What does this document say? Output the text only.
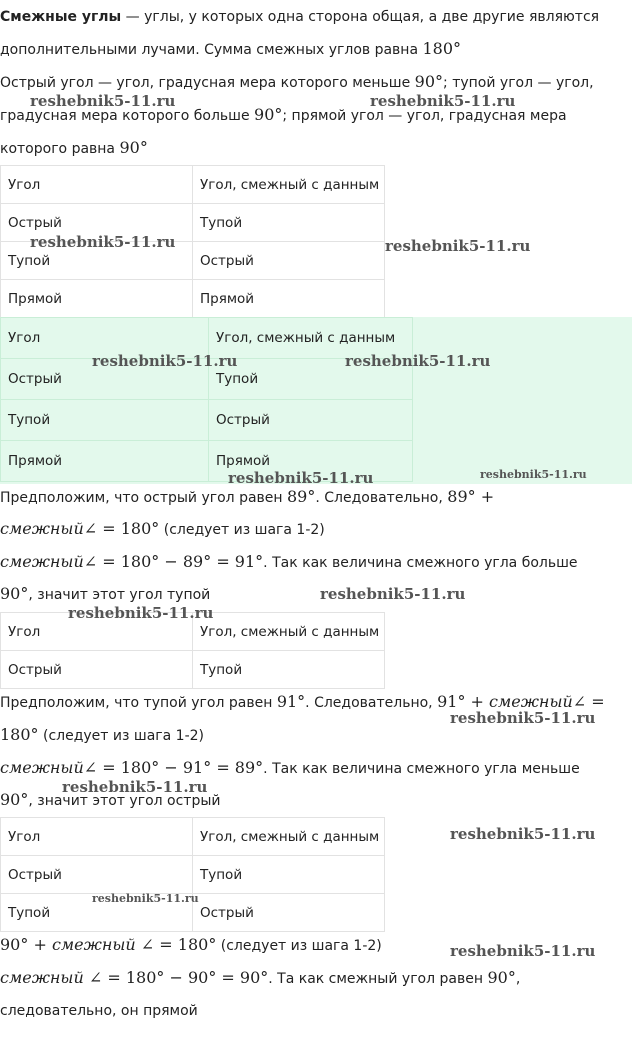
Смежные углы — углы, у которых одна сторона общая, а две другие являются
дополнительными лучами. Сумма смежных углов равна 180°
Острый угол — угол, градусная мера которого меньше 90°; тупой угол — угол,
градусная мера которого больше 90°; прямой угол — угол, градусная мера
которого равна 90°
Угол	Угол, смежный с данным
Острый	Тупой
Тупой	Острый
Прямой	Прямой
Угол	Угол, смежный с данным
Острый	Тупой
Тупой	Острый
Прямой	Прямой
Предположим, что острый угол равен 89°. Следовательно, 89° +
смежный∠ = 180° (следует из шага 1-2)
смежный∠ = 180° − 89° = 91°. Так как величина смежного угла больше
90°, значит этот угол тупой
Угол	Угол, смежный с данным
Острый	Тупой
Предположим, что тупой угол равен 91°. Следовательно, 91° + смежный∠ =
180° (следует из шага 1-2)
смежный∠ = 180° − 91° = 89°. Так как величина смежного угла меньше
90°, значит этот угол острый
Угол	Угол, смежный с данным
Острый	Тупой
Тупой	Острый
90° + смежный ∠ = 180° (следует из шага 1-2)
смежный ∠ = 180° − 90° = 90°. Та как смежный угол равен 90°,
следовательно, он прямой
reshebnik5-11.ru	reshebnik5-11.ru
reshebnik5-11.ru	reshebnik5-11.ru
reshebnik5-11.ru	reshebnik5-11.ru
reshebnik5-11.ru	reshebnik5-11.ru
reshebnik5-11.ru
reshebnik5-11.ru
reshebnik5-11.ru
reshebnik5-11.ru
reshebnik5-11.ru
reshebnik5-11.ru
reshebnik5-11.ru
